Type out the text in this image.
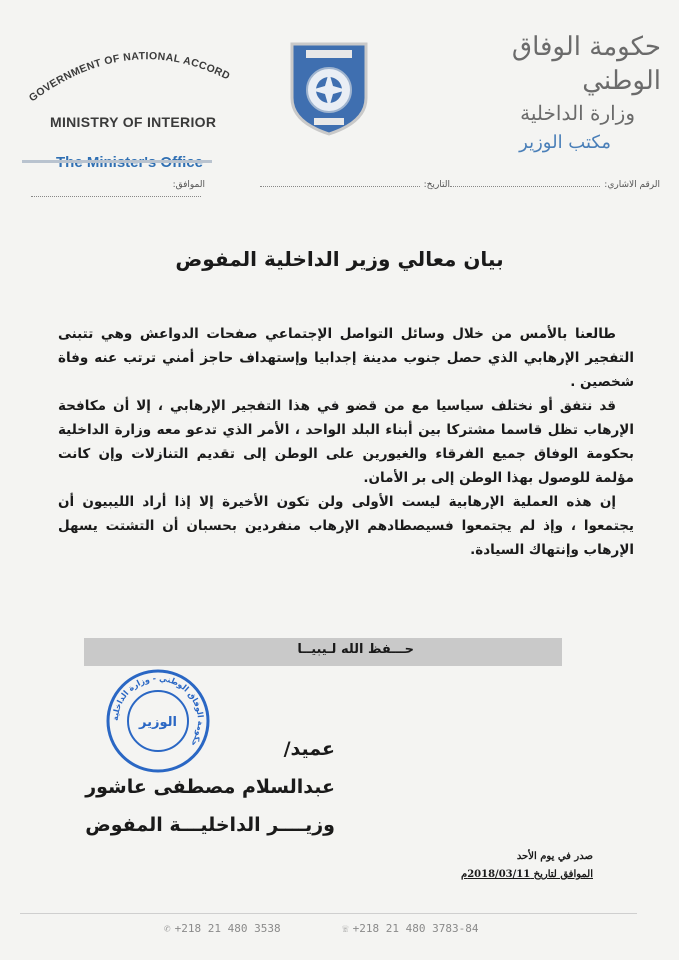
GOVERNMENT OF NATIONAL ACCORD
MINISTRY OF INTERIOR
حكومة الوفاق الوطني
وزارة الداخلية
مكتب الوزير
الرقم الاشاري:
التاريخ:
الموافق:
بيان معالي وزير الداخلية المفوض

طالعنا بالأمس من خلال وسائل التواصل الإجتماعي صفحات الدواعش وهي تتبنى التفجير الإرهابي الذي حصل جنوب مدينة إجدابيا وإستهداف حاجز أمني ترتب عنه وفاة شخصين .

قد نتفق أو نختلف سياسيا مع من قضو في هذا التفجير الإرهابي ، إلا أن مكافحة الإرهاب تظل قاسما مشتركا بين أبناء البلد الواحد ، الأمر الذي تدعو معه وزارة الداخلية بحكومة الوفاق جميع الفرقاء والغيورين على الوطن إلى تقديم التنازلات وإن كانت مؤلمة للوصول بهذا الوطن إلى بر الأمان.

إن هذه العملية الإرهابية ليست الأولى ولن تكون الأخيرة إلا إذا أراد الليبيون أن يجتمعوا ، وإذ لم يجتمعوا فسيصطادهم الإرهاب منفردين بحسبان أن التشتت يسهل الإرهاب وإنتهاك السيادة.

حـــفظ الله لـيبيــا
حكومة الوفاق الوطني - وزارة الداخلية
الوزير
عميد/
عبدالسلام مصطفى عاشور
وزيــــر الداخليـــة المفوض
صدر في يوم الأحد
الموافق لتاريخ 2018/03/11م
✆ +218 21 480 3538	☏ +218 21 480 3783-84
